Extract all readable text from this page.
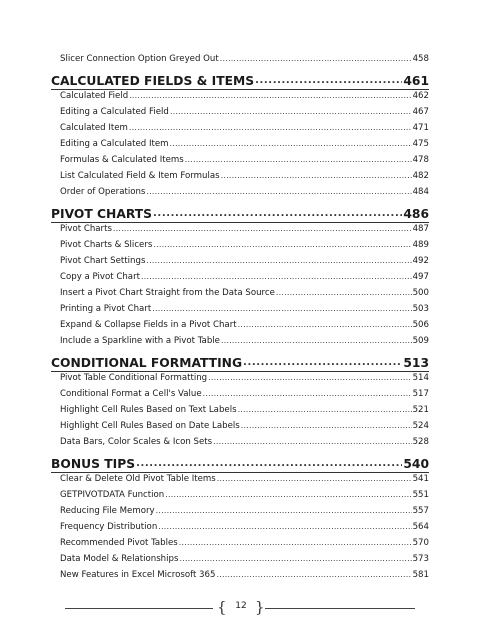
Slicer Connection Option Greyed Out .....	458
CALCULATED FIELDS & ITEMS .....	461
Calculated Field .....	462
Editing a Calculated Field .....	467
Calculated Item .....	471
Editing a Calculated Item .....	475
Formulas & Calculated Items .....	478
List Calculated Field & Item Formulas .....	482
Order of Operations .....	484
PIVOT CHARTS .....	486
Pivot Charts .....	487
Pivot Charts & Slicers .....	489
Pivot Chart Settings .....	492
Copy a Pivot Chart .....	497
Insert a Pivot Chart Straight from the Data Source .....	500
Printing a Pivot Chart .....	503
Expand & Collapse Fields in a Pivot Chart .....	506
Include a Sparkline with a Pivot Table .....	509
CONDITIONAL FORMATTING .....	513
Pivot Table Conditional Formatting .....	514
Conditional Format a Cell's Value .....	517
Highlight Cell Rules Based on Text Labels .....	521
Highlight Cell Rules Based on Date Labels .....	524
Data Bars, Color Scales & Icon Sets .....	528
BONUS TIPS .....	540
Clear & Delete Old Pivot Table Items .....	541
GETPIVOTDATA Function .....	551
Reducing File Memory .....	557
Frequency Distribution .....	564
Recommended Pivot Tables .....	570
Data Model & Relationships .....	573
New Features in Excel Microsoft 365 .....	581
{ 12 }
